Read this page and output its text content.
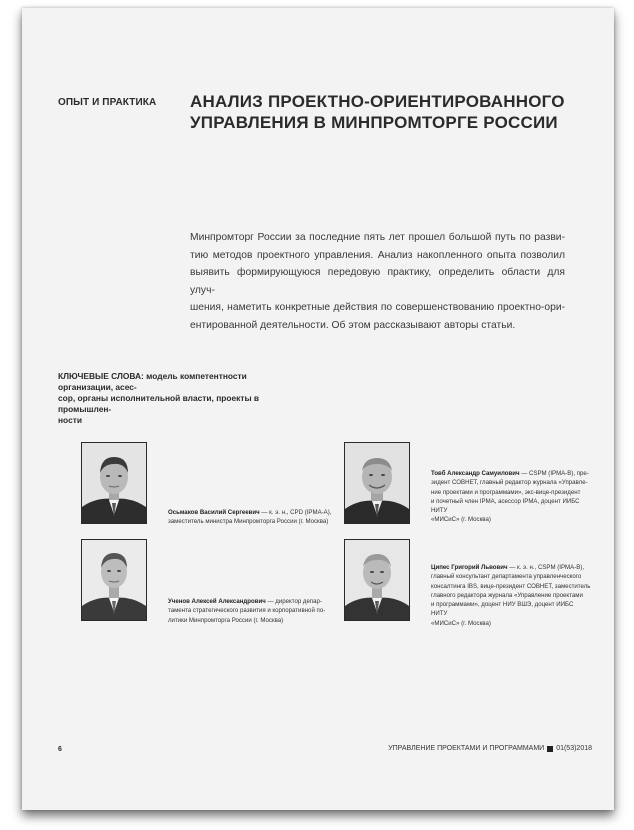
ОПЫТ И ПРАКТИКА АНАЛИЗ ПРОЕКТНО-ОРИЕНТИРОВАННОГО
УПРАВЛЕНИЯ В МИНПРОМТОРГЕ РОССИИ
Минпромторг России за последние пять лет прошел большой путь по разви-
тию методов проектного управления. Анализ накопленного опыта позволил
выявить формирующуюся передовую практику, определить области для улуч-
шения, наметить конкретные действия по совершенствованию проектно-ори-
ентированной деятельности. Об этом рассказывают авторы статьи.
КЛЮЧЕВЫЕ СЛОВА: модель компетентности организации, асес-
сор, органы исполнительной власти, проекты в промышлен-
ности
Осьмаков Василий Сергеевич — к. э. н., CPD (IPMA-A),
заместитель министра Минпромторга России (г. Москва)
Ученов Алексей Александрович — директор депар-
тамента стратегического развития и корпоративной по-
литики Минпромторга России (г. Москва)
Товб Александр Самуилович — CSPM (IPMA-B), пре-
зидент СОВНЕТ, главный редактор журнала «Управле-
ние проектами и программами», экс-вице-президент
и почетный член IPMA, асессор IPMA, доцент ИИБС НИТУ
«МИСиС» (г. Москва)
Ципес Григорий Львович — к. э. н., CSPM (IPMA-B),
главный консультант департамента управленческого
консалтинга IBS, вице-президент СОВНЕТ, заместитель
главного редактора журнала «Управление проектами
и программами», доцент НИУ ВШЭ, доцент ИИБС НИТУ
«МИСиС» (г. Москва)
6	УПРАВЛЕНИЕ ПРОЕКТАМИ И ПРОГРАММАМИ 01(53)2018
